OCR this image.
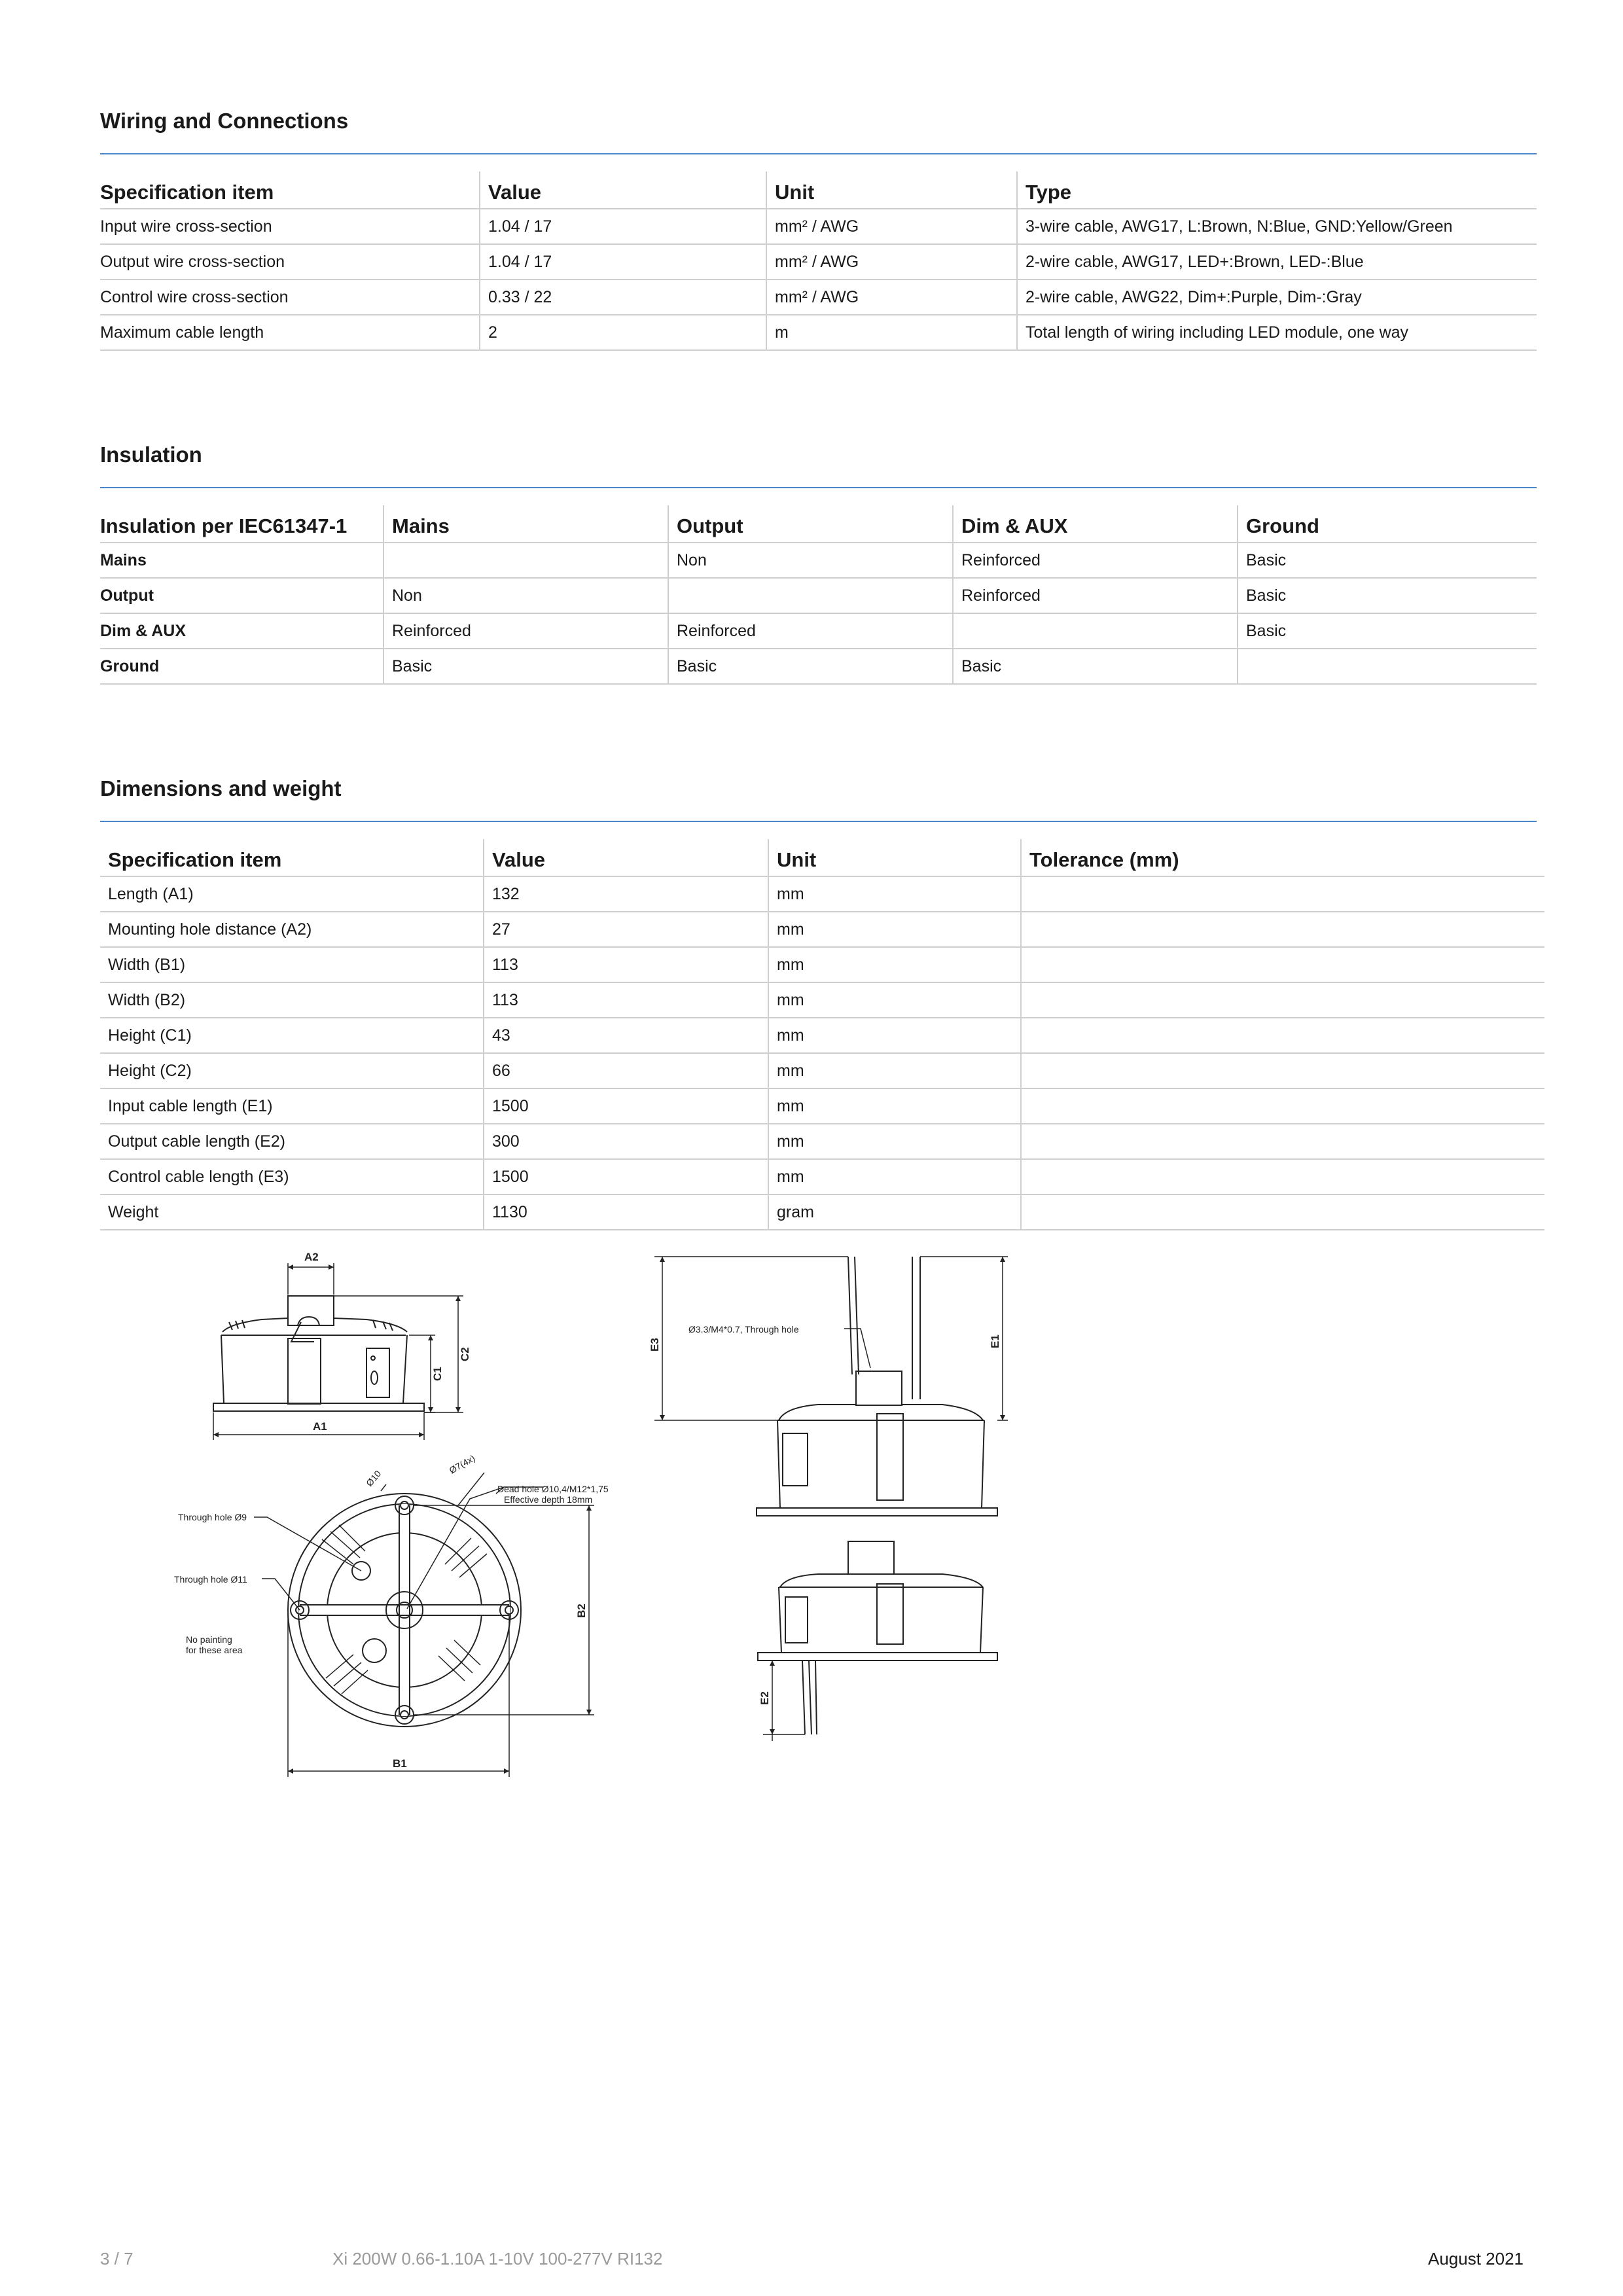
Wiring and Connections
Specification item	Value	Unit	Type
Input wire cross-section	1.04 / 17	mm² / AWG	3-wire cable, AWG17, L:Brown, N:Blue, GND:Yellow/Green
Output wire cross-section	1.04 / 17	mm² / AWG	2-wire cable, AWG17, LED+:Brown, LED-:Blue
Control wire cross-section	0.33 / 22	mm² / AWG	2-wire cable, AWG22, Dim+:Purple, Dim-:Gray
Maximum cable length	2	m	Total length of wiring including LED module, one way
Insulation
Insulation per IEC61347-1	Mains	Output	Dim & AUX	Ground
Mains		Non	Reinforced	Basic
Output	Non		Reinforced	Basic
Dim & AUX	Reinforced	Reinforced		Basic
Ground	Basic	Basic	Basic	
Dimensions and weight
Specification item	Value	Unit	Tolerance (mm)
Length (A1)	132	mm	
Mounting hole distance (A2)	27	mm	
Width (B1)	113	mm	
Width (B2)	113	mm	
Height (C1)	43	mm	
Height (C2)	66	mm	
Input cable length (E1)	1500	mm	
Output cable length (E2)	300	mm	
Control cable length (E3)	1500	mm	
Weight	1130	gram	
A2
A1
C1
C2
B1
B2
E1
E2
E3
Ø10
Ø7(4x)
Dead hole Ø10,4/M12*1,75
Effective depth 18mm
Through hole Ø9
Through hole Ø11
No painting
for these area
Ø3.3/M4*0.7, Through hole
3 / 7	Xi 200W 0.66-1.10A 1-10V 100-277V RI132	August 2021
